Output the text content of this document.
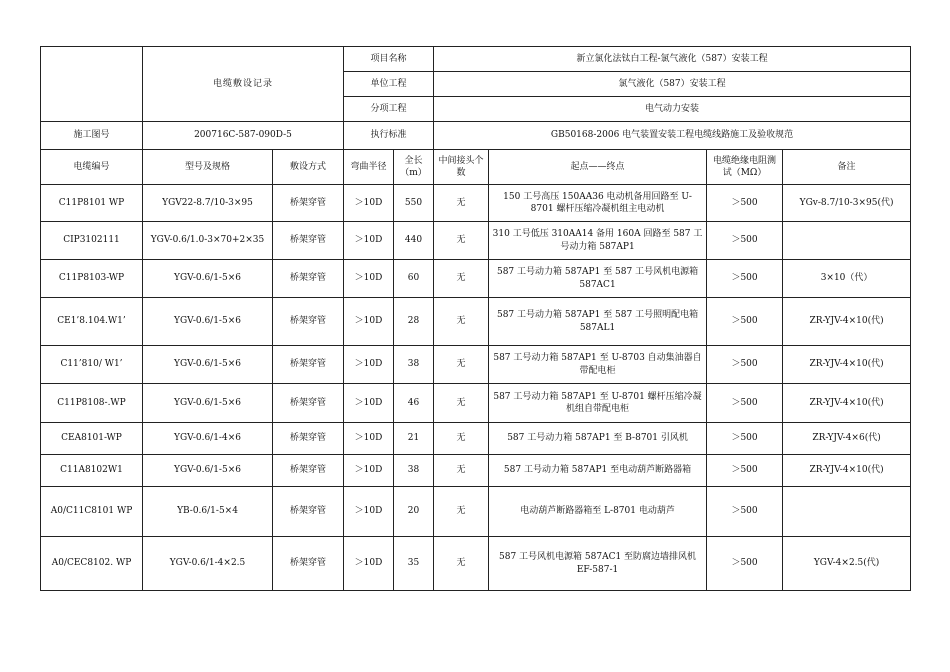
	电缆敷设记录		项目名称		新立氯化法钛白工程-氯气液化（587）安装工程			
			单位工程		氯气液化（587）安装工程			
			分项工程		电气动力安装			
施工图号	200716C-587-090D-5		执行标准		GB50168-2006 电气装置安装工程电缆线路施工及验收规范			
电缆编号	型号及规格	敷设方式	弯曲半径	全长（m）	中间接头个数	起点——终点	电缆绝缘电阻测试（MΩ）	备注
C11P8101 WP	YGV22-8.7/10-3×95	桥架穿管	＞10D	550	无	150 工号高压 150AA36 电动机备用回路至 U-8701 螺杆压缩冷凝机组主电动机	＞500	YGv-8.7/10-3×95(代)
CIP3102111	YGV-0.6/1.0-3×70+2×35	桥架穿管	＞10D	440	无	310 工号低压 310AA14 备用 160A 回路至 587 工号动力箱 587AP1	＞500	
C11P8103-WP	YGV-0.6/1-5×6	桥架穿管	＞10D	60	无	587 工号动力箱 587AP1 至 587 工号风机电源箱 587AC1	＞500	3×10（代）
CE1’8.104.W1’	YGV-0.6/1-5×6	桥架穿管	＞10D	28	无	587 工号动力箱 587AP1 至 587 工号照明配电箱 587AL1	＞500	ZR-YJV-4×10(代)
C11’810/ W1’	YGV-0.6/1-5×6	桥架穿管	＞10D	38	无	587 工号动力箱 587AP1 至 U-8703 自动集油器自带配电柜	＞500	ZR-YJV-4×10(代)
C11P8108-.WP	YGV-0.6/1-5×6	桥架穿管	＞10D	46	无	587 工号动力箱 587AP1 至 U-8701 螺杆压缩冷凝机组自带配电柜	＞500	ZR-YJV-4×10(代)
CEA8101-WP	YGV-0.6/1-4×6	桥架穿管	＞10D	21	无	587 工号动力箱 587AP1 至 B-8701 引风机	＞500	ZR-YJV-4×6(代)
C11A8102W1	YGV-0.6/1-5×6	桥架穿管	＞10D	38	无	587 工号动力箱 587AP1 至电动葫芦断路器箱	＞500	ZR-YJV-4×10(代)
A0/C11C8101 WP	YB-0.6/1-5×4	桥架穿管	＞10D	20	无	电动葫芦断路器箱至 L-8701 电动葫芦	＞500	
A0/CEC8102. WP	YGV-0.6/1-4×2.5	桥架穿管	＞10D	35	无	587 工号风机电源箱 587AC1 至防腐边墙排风机 EF-587-1	＞500	YGV-4×2.5(代)
